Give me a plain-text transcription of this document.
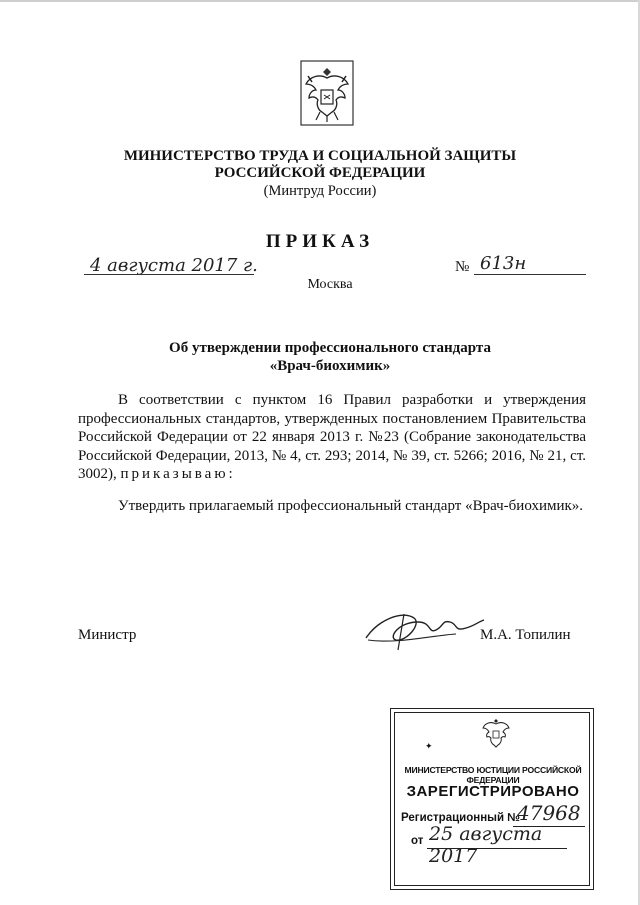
МИНИСТЕРСТВО ТРУДА И СОЦИАЛЬНОЙ ЗАЩИТЫ
РОССИЙСКОЙ ФЕДЕРАЦИИ
(Минтруд России)
ПРИКАЗ
4 августа 2017 г.	№ 613н
Москва
Об утверждении профессионального стандарта
«Врач-биохимик»
В соответствии с пунктом 16 Правил разработки и утверждения профессиональных стандартов, утвержденных постановлением Правительства Российской Федерации от 22 января 2013 г. №23 (Собрание законодательства Российской Федерации, 2013, № 4, ст. 293; 2014, № 39, ст. 5266; 2016, № 21, ст. 3002), приказываю:
Утвердить прилагаемый профессиональный стандарт «Врач-биохимик».
Министр	М.А. Топилин
✦
МИНИСТЕРСТВО ЮСТИЦИИ РОССИЙСКОЙ ФЕДЕРАЦИИ
ЗАРЕГИСТРИРОВАНО
Регистрационный №
47968
от 25 августа 2017
